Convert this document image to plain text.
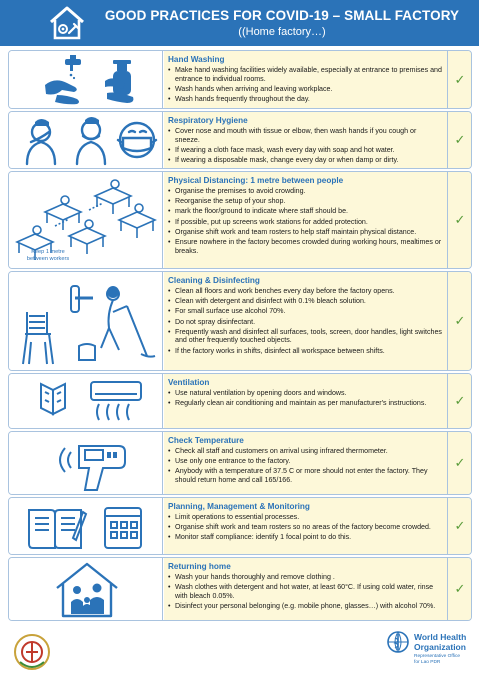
GOOD PRACTICES FOR COVID-19 – SMALL FACTORY
((Home factory…)
Hand Washing
• Make hand washing facilities widely available, especially at entrance to premises and entrance to individual rooms.
• Wash hands when arriving and leaving workplace.
• Wash hands frequently throughout the day.
✓
Respiratory Hygiene
• Cover nose and mouth with tissue or elbow, then wash hands if you cough or sneeze.
• If wearing a cloth face mask, wash every day with soap and hot water.
• If wearing a disposable mask, change every day or when damp or dirty.
✓
Keep 1 metre between workers
Physical Distancing: 1 metre between people
• Organise the premises to avoid crowding.
• Reorganise the setup of your shop.
• mark the floor/ground to indicate where staff should be.
• If possible, put up screens work stations for added protection.
• Organise shift work and team rosters to help staff maintain physical distance.
• Ensure nowhere in the factory becomes crowded during working hours, mealtimes or breaks.
✓
Cleaning & Disinfecting
• Clean all floors and work benches every day before the factory opens.
• Clean with detergent and disinfect with 0.1% bleach solution.
• For small surface use alcohol 70%.
• Do not spray disinfectant.
• Frequently wash and disinfect all surfaces, tools, screen, door handles, light switches and other frequently touched objects.
• If the factory works in shifts, disinfect all workspace between shifts.
✓
Ventilation
• Use natural ventilation by opening doors and windows.
• Regularly clean air conditioning and maintain as per manufacturer's instructions.	✓
Check Temperature
• Check all staff and customers on arrival using infrared thermometer.
• Use only one entrance to the factory.
• Anybody with a temperature of 37.5 C or more should not enter the factory. They should return home and call 165/166.
✓
Planning, Management & Monitoring
• Limit operations to essential processes.
• Organise shift work and team rosters so no areas of the factory become crowded.
• Monitor staff compliance: identify 1 focal point to do this.
✓
Returning home
• Wash your hands thoroughly and remove clothing .
• Wash clothes with detergent and hot water, at least 60°C. If using cold water, rinse with bleach 0.05%.
• Disinfect your personal belonging (e.g. mobile phone, glasses…) with alcohol 70%.
✓
World Health
Organization
Representative Office
for Lao PDR
